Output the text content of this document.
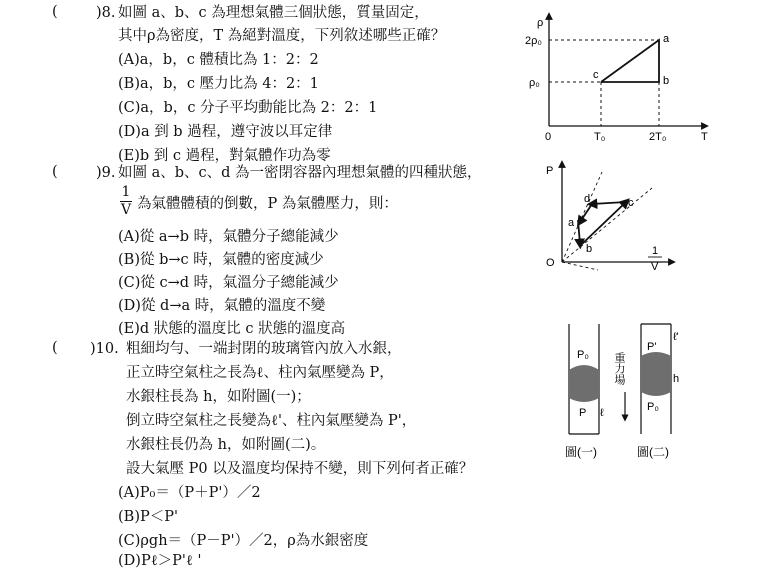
(	)8. 如圖 a、b、c 為理想氣體三個狀態，質量固定，
其中ρ為密度，T 為絕對溫度，下列敘述哪些正確？
(A)a，b，c 體積比為 1：2：2
(B)a，b，c 壓力比為 4：2：1
(C)a，b，c 分子平均動能比為 2：2：1
(D)a 到 b 過程，遵守波以耳定律
(E)b 到 c 過程，對氣體作功為零
ρ
T
0
2ρ₀
ρ₀
T₀	2T₀
a
b
c
(	)9. 如圖 a、b、c、d 為一密閉容器內理想氣體的四種狀態，
1
V 為氣體體積的倒數，P 為氣體壓力，則：
(A)從 a→b 時，氣體分子總能減少
(B)從 b→c 時，氣體的密度減少
(C)從 c→d 時，氣溫分子總能減少
(D)從 d→a 時，氣體的溫度不變
(E)d 狀態的溫度比 c 狀態的溫度高
P
O
1
V
a
b
c
d
( )10. 粗細均勻、一端封閉的玻璃管內放入水銀，
正立時空氣柱之長為ℓ、柱內氣壓變為 P，
水銀柱長為 h，如附圖(一)；
倒立時空氣柱之長變為ℓ'、柱內氣壓變為 P'，
水銀柱長仍為 h，如附圖(二)。
設大氣壓 P0 以及溫度均保持不變，則下列何者正確？
(A)P₀＝（P＋P'）／2
(B)P＜P'
(C)ρgh＝（P－P'）／2，ρ為水銀密度
(D)Pℓ＞P'ℓ '
P₀
P ℓ
重力場
P'
ℓ'
h
P₀
圖(一)	圖(二)
